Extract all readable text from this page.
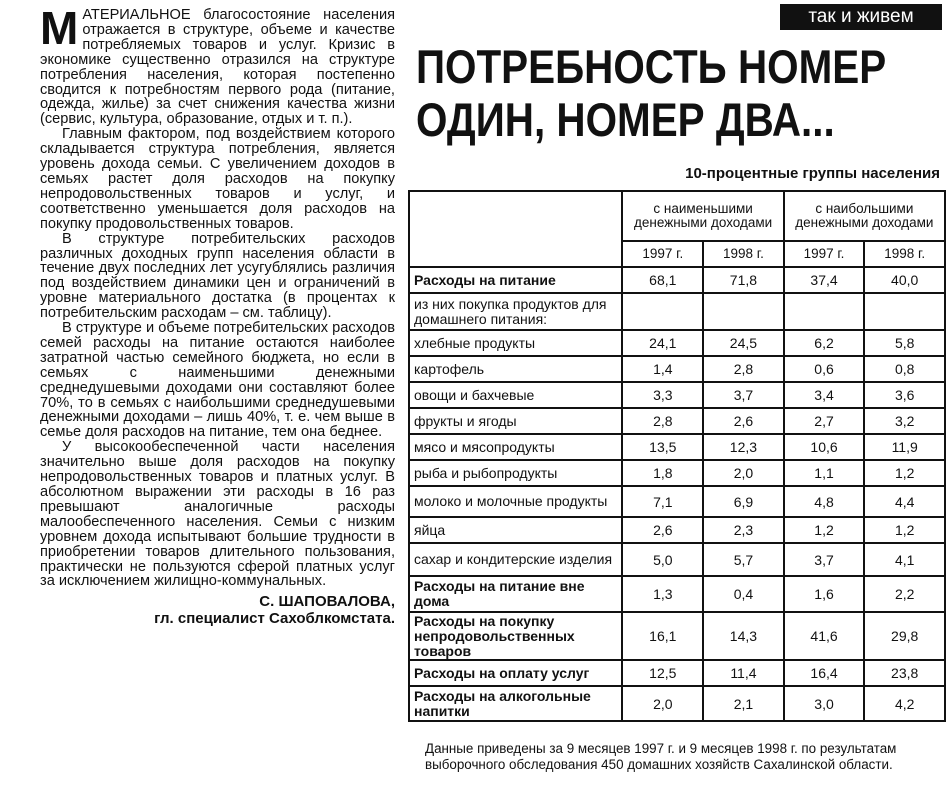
МАТЕРИАЛЬНОЕ благосостояние населения отражается в структуре, объеме и качестве потребляемых товаров и услуг. Кризис в экономике существенно отразился на структуре потребления населения, которая постепенно сводится к потребностям первого рода (питание, одежда, жилье) за счет снижения качества жизни (сервис, культура, образование, отдых и т. п.).

Главным фактором, под воздействием которого складывается структура потребления, является уровень дохода семьи. С увеличением доходов в семьях растет доля расходов на покупку непродовольственных товаров и услуг, и соответственно уменьшается доля расходов на покупку продовольственных товаров.

В структуре потребительских расходов различных доходных групп населения области в течение двух последних лет усугублялись различия под воздействием динамики цен и ограничений в уровне материального достатка (в процентах к потребительским расходам – см. таблицу).

В структуре и объеме потребительских расходов семей расходы на питание остаются наиболее затратной частью семейного бюджета, но если в семьях с наименьшими денежными среднедушевыми доходами они составляют более 70%, то в семьях с наибольшими среднедушевыми денежными доходами – лишь 40%, т. е. чем выше в семье доля расходов на питание, тем она беднее.

У высокообеспеченной части населения значительно выше доля расходов на покупку непродовольственных товаров и платных услуг. В абсолютном выражении эти расходы в 16 раз превышают аналогичные расходы малообеспеченного населения. Семьи с низким уровнем дохода испытывают большие трудности в приобретении товаров длительного пользования, практически не пользуются сферой платных услуг за исключением жилищно-коммунальных.

С. ШАПОВАЛОВА,
гл. специалист Сахоблкомстата.
так и живем
ПОТРЕБНОСТЬ НОМЕР
ОДИН, НОМЕР ДВА...
10-процентные группы населения
	с наименьшими денежными доходами		с наибольшими денежными доходами	
	1997 г.	1998 г.	1997 г.	1998 г.
Расходы на питание	68,1	71,8	37,4	40,0
из них покупка продуктов для домашнего питания:				
хлебные продукты	24,1	24,5	6,2	5,8
картофель	1,4	2,8	0,6	0,8
овощи и бахчевые	3,3	3,7	3,4	3,6
фрукты и ягоды	2,8	2,6	2,7	3,2
мясо и мясопродукты	13,5	12,3	10,6	11,9
рыба и рыбопродукты	1,8	2,0	1,1	1,2
молоко и молочные продукты	7,1	6,9	4,8	4,4
яйца	2,6	2,3	1,2	1,2
сахар и кондитерские изделия	5,0	5,7	3,7	4,1
Расходы на питание вне дома	1,3	0,4	1,6	2,2
Расходы на покупку непродовольственных товаров	16,1	14,3	41,6	29,8
Расходы на оплату услуг	12,5	11,4	16,4	23,8
Расходы на алкогольные напитки	2,0	2,1	3,0	4,2
Данные приведены за 9 месяцев 1997 г. и 9 месяцев 1998 г. по результатам выборочного обследования 450 домашних хозяйств Сахалинской области.
